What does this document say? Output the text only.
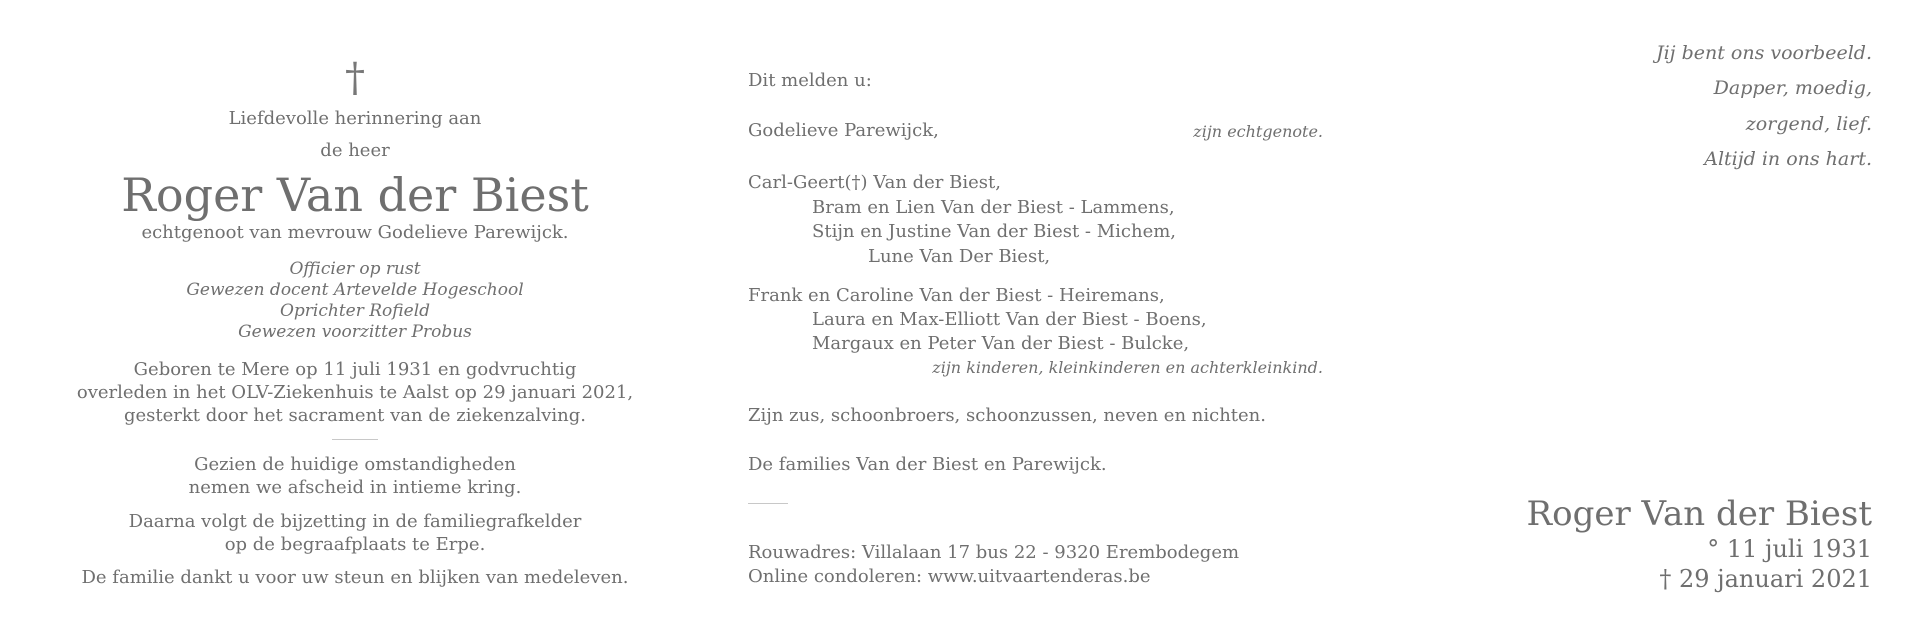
†
Liefdevolle herinnering aan
de heer
Roger Van der Biest
echtgenoot van mevrouw Godelieve Parewijck.
Officier op rust
Gewezen docent Artevelde Hogeschool
Oprichter Rofield
Gewezen voorzitter Probus
Geboren te Mere op 11 juli 1931 en godvruchtig
overleden in het OLV-Ziekenhuis te Aalst op 29 januari 2021,
gesterkt door het sacrament van de ziekenzalving.
Gezien de huidige omstandigheden
nemen we afscheid in intieme kring.
Daarna volgt de bijzetting in de familiegrafkelder
op de begraafplaats te Erpe.
De familie dankt u voor uw steun en blijken van medeleven.
Dit melden u:
Godelieve Parewijck,	zijn echtgenote.
Carl-Geert(†) Van der Biest,
Bram en Lien Van der Biest - Lammens,
Stijn en Justine Van der Biest - Michem,
Lune Van Der Biest,
Frank en Caroline Van der Biest - Heiremans,
Laura en Max-Elliott Van der Biest - Boens,
Margaux en Peter Van der Biest - Bulcke,
zijn kinderen, kleinkinderen en achterkleinkind.
Zijn zus, schoonbroers, schoonzussen, neven en nichten.
De families Van der Biest en Parewijck.
Rouwadres: Villalaan 17 bus 22 - 9320 Erembodegem
Online condoleren: www.uitvaartenderas.be
Jij bent ons voorbeeld.
Dapper, moedig,
zorgend, lief.
Altijd in ons hart.
Roger Van der Biest
° 11 juli 1931
† 29 januari 2021
